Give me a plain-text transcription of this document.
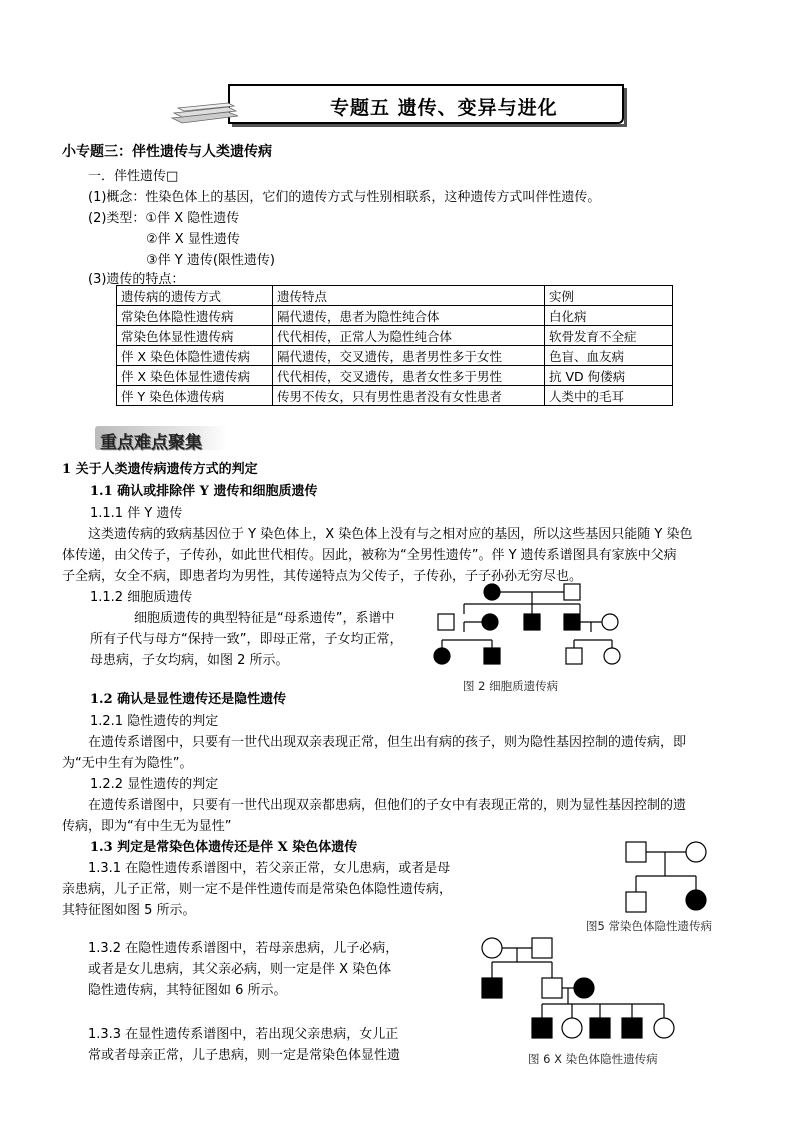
专题五 遗传、变异与进化
小专题三：伴性遗传与人类遗传病
一．伴性遗传□
(1)概念：性染色体上的基因，它们的遗传方式与性别相联系，这种遗传方式叫伴性遗传。
(2)类型：①伴 X 隐性遗传
②伴 X 显性遗传
③伴 Y 遗传(限性遗传)
(3)遗传的特点：
遗传病的遗传方式	遗传特点	实例
常染色体隐性遗传病	隔代遗传，患者为隐性纯合体	白化病
常染色体显性遗传病	代代相传，正常人为隐性纯合体	软骨发育不全症
伴 X 染色体隐性遗传病	隔代遗传，交叉遗传，患者男性多于女性	色盲、血友病
伴 X 染色体显性遗传病	代代相传，交叉遗传，患者女性多于男性	抗 VD 佝偻病
伴 Y 染色体遗传病	传男不传女，只有男性患者没有女性患者	人类中的毛耳
重点难点聚集
1 关于人类遗传病遗传方式的判定
1.1 确认或排除伴 Y 遗传和细胞质遗传
1.1.1 伴 Y 遗传
这类遗传病的致病基因位于 Y 染色体上，X 染色体上没有与之相对应的基因，所以这些基因只能随 Y 染色
体传递，由父传子，子传孙，如此世代相传。因此，被称为“全男性遗传”。伴 Y 遗传系谱图具有家族中父病
子全病，女全不病，即患者均为男性，其传递特点为父传子，子传孙，子子孙孙无穷尽也。
1.1.2 细胞质遗传
细胞质遗传的典型特征是“母系遗传”，系谱中
所有子代与母方“保持一致”，即母正常，子女均正常，
母患病，子女均病，如图 2 所示。
图 2 细胞质遗传病
1.2 确认是显性遗传还是隐性遗传
1.2.1 隐性遗传的判定
在遗传系谱图中，只要有一世代出现双亲表现正常，但生出有病的孩子，则为隐性基因控制的遗传病，即
为“无中生有为隐性”。
1.2.2 显性遗传的判定
在遗传系谱图中，只要有一世代出现双亲都患病，但他们的子女中有表现正常的，则为显性基因控制的遗
传病，即为“有中生无为显性”
1.3 判定是常染色体遗传还是伴 X 染色体遗传
1.3.1 在隐性遗传系谱图中，若父亲正常，女儿患病，或者是母
亲患病，儿子正常，则一定不是伴性遗传而是常染色体隐性遗传病，
其特征图如图 5 所示。
图5 常染色体隐性遗传病
1.3.2 在隐性遗传系谱图中，若母亲患病，儿子必病，
或者是女儿患病，其父亲必病，则一定是伴 X 染色体
隐性遗传病，其特征图如 6 所示。
图 6 X 染色体隐性遗传病
1.3.3 在显性遗传系谱图中，若出现父亲患病，女儿正
常或者母亲正常，儿子患病，则一定是常染色体显性遗
